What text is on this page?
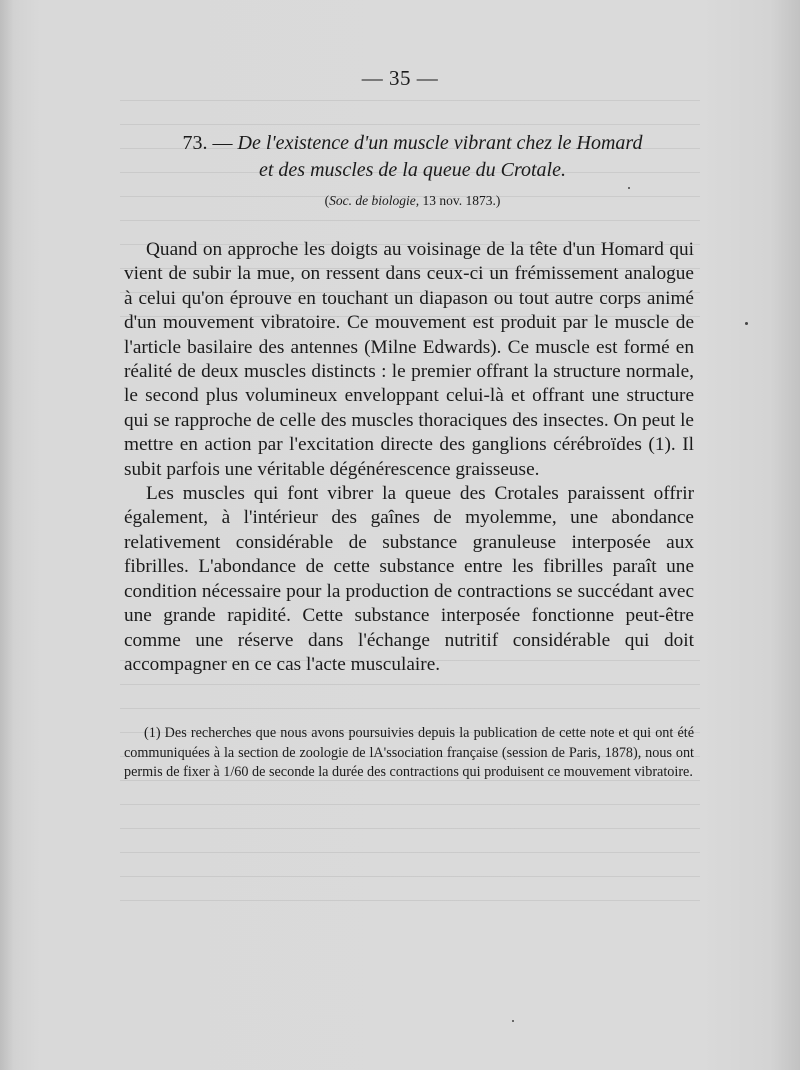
— 35 —
73. — De l'existence d'un muscle vibrant chez le Homard
et des muscles de la queue du Crotale.
(Soc. de biologie, 13 nov. 1873.)

Quand on approche les doigts au voisinage de la tête d'un Homard qui vient de subir la mue, on ressent dans ceux-ci un frémissement analogue à celui qu'on éprouve en touchant un diapason ou tout autre corps animé d'un mouvement vibratoire. Ce mouvement est produit par le muscle de l'article basilaire des antennes (Milne Edwards). Ce muscle est formé en réalité de deux muscles distincts : le premier offrant la structure normale, le second plus volumineux enveloppant celui-là et offrant une structure qui se rapproche de celle des muscles thoraciques des insectes. On peut le mettre en action par l'excitation directe des ganglions cérébroïdes (1). Il subit parfois une véritable dégénérescence graisseuse.

Les muscles qui font vibrer la queue des Crotales paraissent offrir également, à l'intérieur des gaînes de myolemme, une abondance relativement considérable de substance granuleuse interposée aux fibrilles. L'abondance de cette substance entre les fibrilles paraît une condition nécessaire pour la production de contractions se succédant avec une grande rapidité. Cette substance interposée fonctionne peut-être comme une réserve dans l'échange nutritif considérable qui doit accompagner en ce cas l'acte musculaire.

(1) Des recherches que nous avons poursuivies depuis la publication de cette note et qui ont été communiquées à la section de zoologie de lA'ssociation française (session de Paris, 1878), nous ont permis de fixer à 1/60 de seconde la durée des contractions qui produisent ce mouvement vibratoire.
